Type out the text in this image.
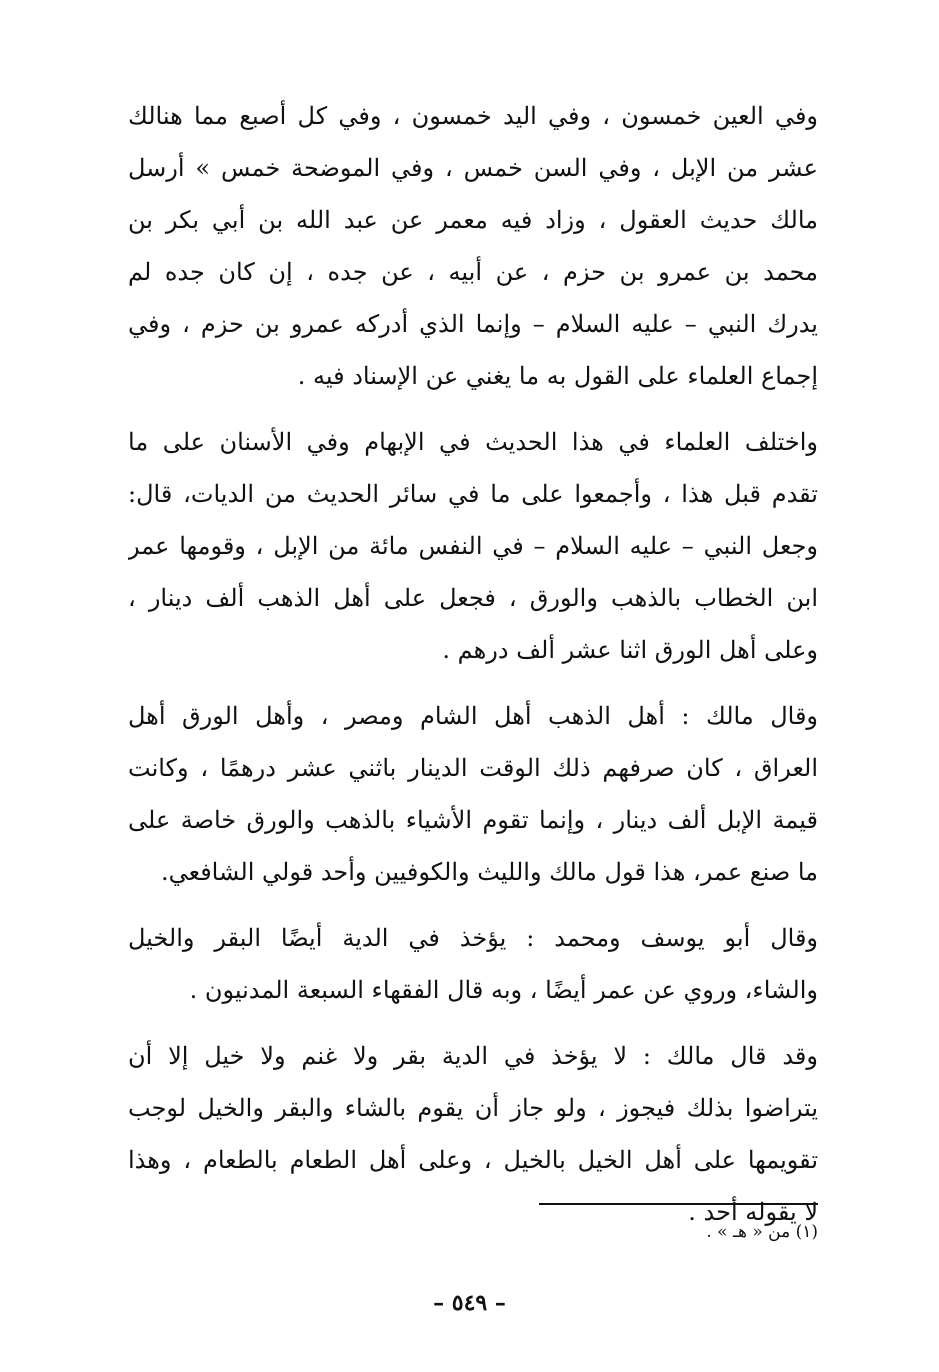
وفي العين خمسون ، وفي اليد خمسون ، وفي كل أصبع مما هنالك
عشر من الإبل ، وفي السن خمس ، وفي الموضحة خمس » أرسل
مالك حديث العقول ، وزاد فيه معمر عن عبد الله بن أبي بكر بن
محمد بن عمرو بن حزم ، عن أبيه ، عن جده ، إن كان جده لم
يدرك النبي – عليه السلام – وإنما الذي أدركه عمرو بن حزم ، وفي
إجماع العلماء على القول به ما يغني عن الإسناد فيه .
واختلف العلماء في هذا الحديث في الإبهام وفي الأسنان على ما
تقدم قبل هذا ، وأجمعوا على ما في سائر الحديث من الديات، قال:
وجعل النبي – عليه السلام – في النفس مائة من الإبل ، وقومها عمر
ابن الخطاب بالذهب والورق ، فجعل على أهل الذهب ألف دينار ،
وعلى أهل الورق اثنا عشر ألف درهم .
وقال مالك : أهل الذهب أهل الشام ومصر ، وأهل الورق أهل
العراق ، كان صرفهم ذلك الوقت الدينار باثني عشر درهمًا ، وكانت
قيمة الإبل ألف دينار ، وإنما تقوم الأشياء بالذهب والورق خاصة على
ما صنع عمر، هذا قول مالك والليث والكوفيين وأحد قولي الشافعي.
وقال أبو يوسف ومحمد : يؤخذ في الدية أيضًا البقر والخيل
والشاء، وروي عن عمر أيضًا ، وبه قال الفقهاء السبعة المدنيون .
وقد قال مالك : لا يؤخذ في الدية بقر ولا غنم ولا خيل إلا أن
يتراضوا بذلك فيجوز ، ولو جاز أن يقوم بالشاء والبقر والخيل لوجب
تقويمها على أهل الخيل بالخيل ، وعلى أهل الطعام بالطعام ، وهذا
لا يقوله أحد .
(١) من « هـ » .
– ٥٤٩ –
